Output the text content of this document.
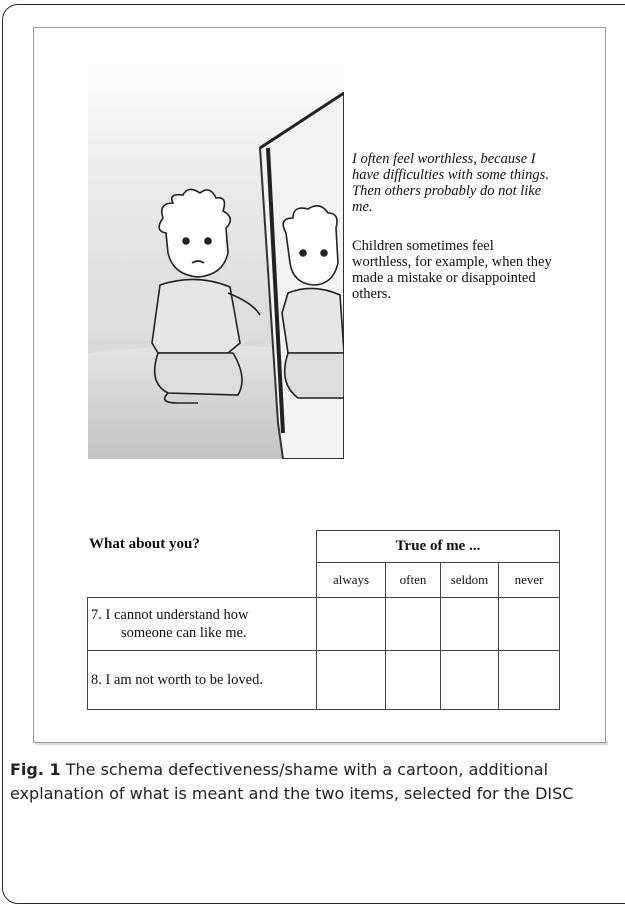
I often feel worthless, because I have difficulties with some things. Then others probably do not like me.
Children sometimes feel worthless, for example, when they made a mistake or disappointed others.
What about you?
		True of me ...			
	always	often	seldom	never
7. I cannot understand how
someone can like me.				

8. I am not worth to be loved.				
Fig. 1 The schema defectiveness/shame with a cartoon, additional explanation of what is meant and the two items, selected for the DISC
